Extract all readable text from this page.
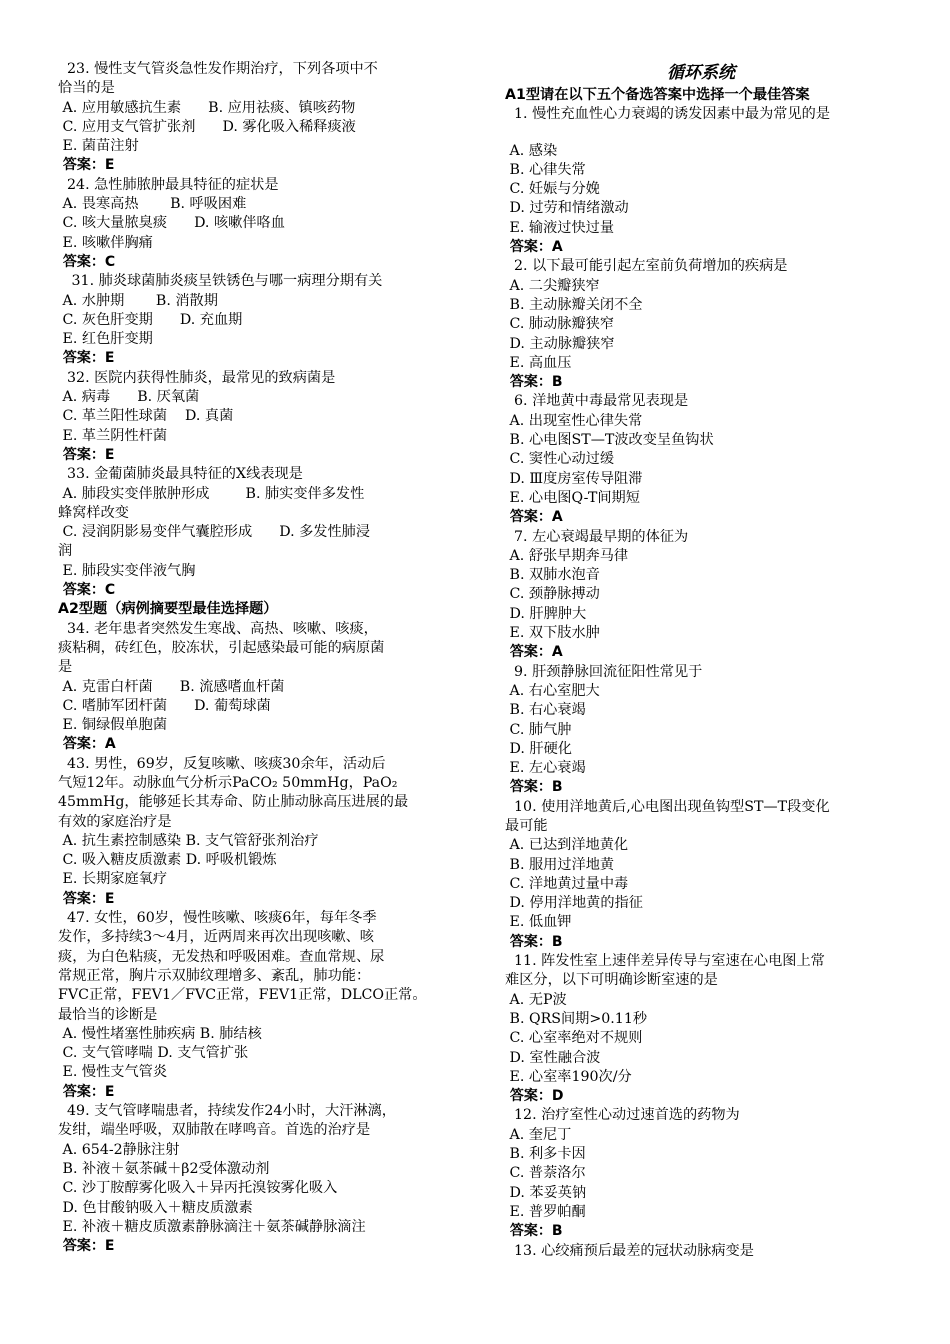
23. 慢性支气管炎急性发作期治疗，下列各项中不
恰当的是
A. 应用敏感抗生素      B. 应用祛痰、镇咳药物
C. 应用支气管扩张剂      D. 雾化吸入稀释痰液
E. 菌苗注射
答案：E
24. 急性肺脓肿最具特征的症状是
A. 畏寒高热       B. 呼吸困难
C. 咳大量脓臭痰      D. 咳嗽伴咯血
E. 咳嗽伴胸痛
答案：C
31. 肺炎球菌肺炎痰呈铁锈色与哪一病理分期有关
A. 水肿期       B. 消散期
C. 灰色肝变期      D. 充血期
E. 红色肝变期
答案：E
32. 医院内获得性肺炎，最常见的致病菌是
A. 病毒      B. 厌氧菌
C. 革兰阳性球菌    D. 真菌
E. 革兰阴性杆菌
答案：E
33. 金葡菌肺炎最具特征的X线表现是
A. 肺段实变伴脓肿形成        B. 肺实变伴多发性
蜂窝样改变
C. 浸润阴影易变伴气囊腔形成      D. 多发性肺浸
润
E. 肺段实变伴液气胸
答案：C
A2型题（病例摘要型最佳选择题）
34. 老年患者突然发生寒战、高热、咳嗽、咳痰，
痰粘稠，砖红色，胶冻状，引起感染最可能的病原菌
是
A. 克雷白杆菌      B. 流感嗜血杆菌
C. 嗜肺军团杆菌      D. 葡萄球菌
E. 铜绿假单胞菌
答案：A
43. 男性，69岁，反复咳嗽、咳痰30余年，活动后
气短12年。动脉血气分析示PaCO₂ 50mmHg，PaO₂
45mmHg，能够延长其寿命、防止肺动脉高压进展的最
有效的家庭治疗是
A. 抗生素控制感染 B. 支气管舒张剂治疗
C. 吸入糖皮质激素 D. 呼吸机锻炼
E. 长期家庭氧疗
答案：E
47. 女性，60岁，慢性咳嗽、咳痰6年，每年冬季
发作，多持续3～4月，近两周来再次出现咳嗽、咳
痰，为白色粘痰，无发热和呼吸困难。查血常规、尿
常规正常，胸片示双肺纹理增多、紊乱，肺功能：
FVC正常，FEV1／FVC正常，FEV1正常，DLCO正常。
最恰当的诊断是
A. 慢性堵塞性肺疾病 B. 肺结核
C. 支气管哮喘 D. 支气管扩张
E. 慢性支气管炎
答案：E
49. 支气管哮喘患者，持续发作24小时，大汗淋漓，
发绀，端坐呼吸，双肺散在哮鸣音。首选的治疗是
A. 654-2静脉注射
B. 补液＋氨茶碱＋β2受体激动剂
C. 沙丁胺醇雾化吸入＋异丙托溴铵雾化吸入
D. 色甘酸钠吸入＋糖皮质激素
E. 补液＋糖皮质激素静脉滴注＋氨茶碱静脉滴注
答案：E
循环系统
A1型请在以下五个备选答案中选择一个最佳答案
1. 慢性充血性心力衰竭的诱发因素中最为常见的是
A. 感染
B. 心律失常
C. 妊娠与分娩
D. 过劳和情绪激动
E. 输液过快过量
答案：A
2. 以下最可能引起左室前负荷增加的疾病是
A. 二尖瓣狭窄
B. 主动脉瓣关闭不全
C. 肺动脉瓣狭窄
D. 主动脉瓣狭窄
E. 高血压
答案：B
6. 洋地黄中毒最常见表现是
A. 出现室性心律失常
B. 心电图ST—T波改变呈鱼钩状
C. 窦性心动过缓
D. Ⅲ度房室传导阻滞
E. 心电图Q-T间期短
答案：A
7. 左心衰竭最早期的体征为
A. 舒张早期奔马律
B. 双肺水泡音
C. 颈静脉搏动
D. 肝脾肿大
E. 双下肢水肿
答案：A
9. 肝颈静脉回流征阳性常见于
A. 右心室肥大
B. 右心衰竭
C. 肺气肿
D. 肝硬化
E. 左心衰竭
答案：B
10. 使用洋地黄后,心电图出现鱼钩型ST—T段变化
最可能
A. 已达到洋地黄化
B. 服用过洋地黄
C. 洋地黄过量中毒
D. 停用洋地黄的指征
E. 低血钾
答案：B
11. 阵发性室上速伴差异传导与室速在心电图上常
难区分，以下可明确诊断室速的是
A. 无P波
B. QRS间期>0.11秒
C. 心室率绝对不规则
D. 室性融合波
E. 心室率190次/分
答案：D
12. 治疗室性心动过速首选的药物为
A. 奎尼丁
B. 利多卡因
C. 普萘洛尔
D. 苯妥英钠
E. 普罗帕酮
答案：B
13. 心绞痛预后最差的冠状动脉病变是
